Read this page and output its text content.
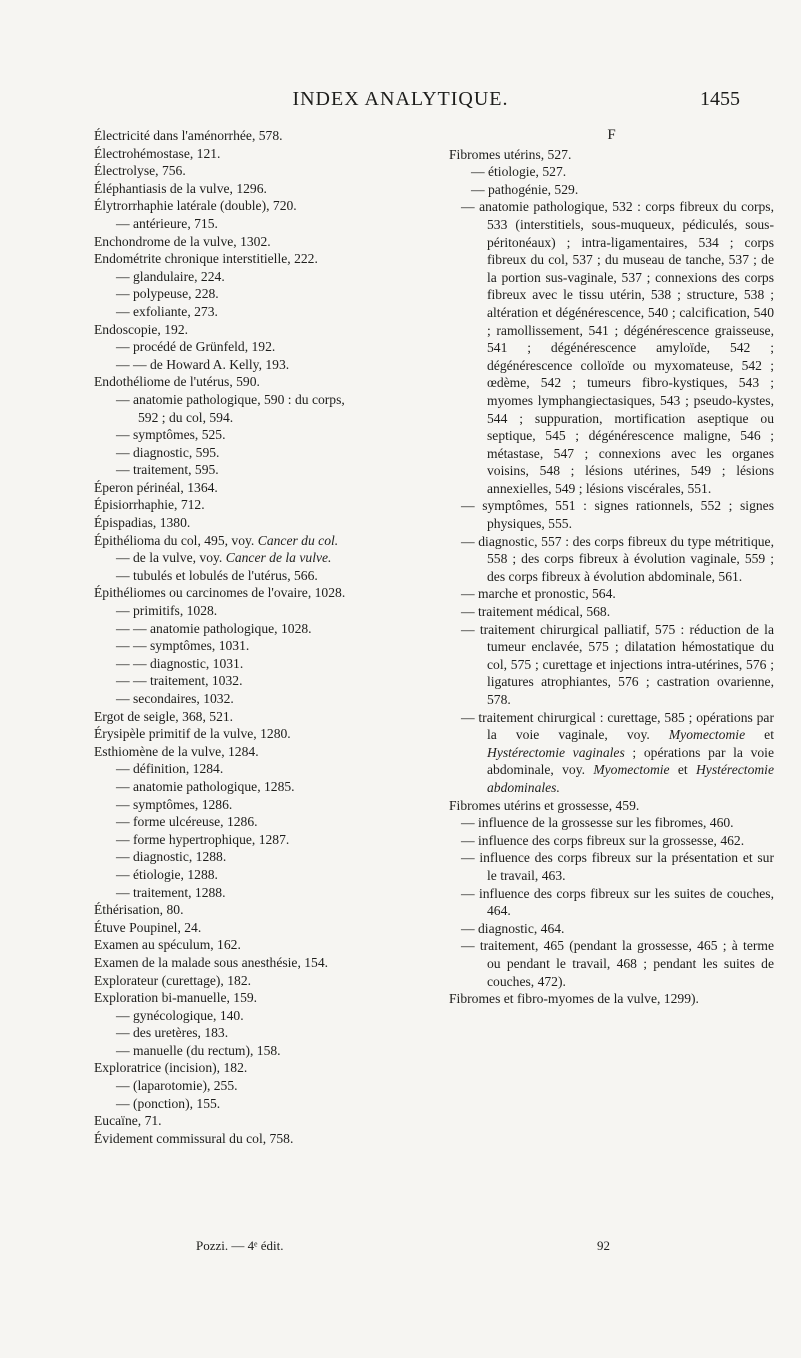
INDEX ANALYTIQUE.	1455
Électricité dans l'aménorrhée, 578.
Électrohémostase, 121.
Électrolyse, 756.
Éléphantiasis de la vulve, 1296.
Élytrorrhaphie latérale (double), 720.
— antérieure, 715.
Enchondrome de la vulve, 1302.
Endométrite chronique interstitielle, 222.
— glandulaire, 224.
— polypeuse, 228.
— exfoliante, 273.
Endoscopie, 192.
— procédé de Grünfeld, 192.
— — de Howard A. Kelly, 193.
Endothéliome de l'utérus, 590.
— anatomie pathologique, 590 : du corps,
592 ; du col, 594.
— symptômes, 525.
— diagnostic, 595.
— traitement, 595.
Éperon périnéal, 1364.
Épisiorrhaphie, 712.
Épispadias, 1380.
Épithélioma du col, 495, voy. Cancer du col.
— de la vulve, voy. Cancer de la vulve.
— tubulés et lobulés de l'utérus, 566.
Épithéliomes ou carcinomes de l'ovaire, 1028.
— primitifs, 1028.
— — anatomie pathologique, 1028.
— — symptômes, 1031.
— — diagnostic, 1031.
— — traitement, 1032.
— secondaires, 1032.
Ergot de seigle, 368, 521.
Érysipèle primitif de la vulve, 1280.
Esthiomène de la vulve, 1284.
— définition, 1284.
— anatomie pathologique, 1285.
— symptômes, 1286.
— forme ulcéreuse, 1286.
— forme hypertrophique, 1287.
— diagnostic, 1288.
— étiologie, 1288.
— traitement, 1288.
Éthérisation, 80.
Étuve Poupinel, 24.
Examen au spéculum, 162.
Examen de la malade sous anesthésie, 154.
Explorateur (curettage), 182.
Exploration bi-manuelle, 159.
— gynécologique, 140.
— des uretères, 183.
— manuelle (du rectum), 158.
Exploratrice (incision), 182.
— (laparotomie), 255.
— (ponction), 155.
Eucaïne, 71.
Évidement commissural du col, 758.
F
Fibromes utérins, 527.
— étiologie, 527.
— pathogénie, 529.
— anatomie pathologique, 532 : corps fibreux du corps, 533 (interstitiels, sous-muqueux, pédiculés, sous-péritonéaux) ; intra-ligamentaires, 534 ; corps fibreux du col, 537 ; du museau de tanche, 537 ; de la portion sus-vaginale, 537 ; connexions des corps fibreux avec le tissu utérin, 538 ; structure, 538 ; altération et dégénérescence, 540 ; calcification, 540 ; ramollissement, 541 ; dégénérescence graisseuse, 541 ; dégénérescence amyloïde, 542 ; dégénérescence colloïde ou myxomateuse, 542 ; œdème, 542 ; tumeurs fibro-kystiques, 543 ; myomes lymphangiectasiques, 543 ; pseudo-kystes, 544 ; suppuration, mortification aseptique ou septique, 545 ; dégénérescence maligne, 546 ; métastase, 547 ; connexions avec les organes voisins, 548 ; lésions utérines, 549 ; lésions annexielles, 549 ; lésions viscérales, 551.
— symptômes, 551 : signes rationnels, 552 ; signes physiques, 555.
— diagnostic, 557 : des corps fibreux du type métritique, 558 ; des corps fibreux à évolution vaginale, 559 ; des corps fibreux à évolution abdominale, 561.
— marche et pronostic, 564.
— traitement médical, 568.
— traitement chirurgical palliatif, 575 : réduction de la tumeur enclavée, 575 ; dilatation hémostatique du col, 575 ; curettage et injections intra-utérines, 576 ; ligatures atrophiantes, 576 ; castration ovarienne, 578.
— traitement chirurgical : curettage, 585 ; opérations par la voie vaginale, voy. Myomectomie et Hystérectomie vaginales ; opérations par la voie abdominale, voy. Myomectomie et Hystérectomie abdominales.
Fibromes utérins et grossesse, 459.
— influence de la grossesse sur les fibromes, 460.
— influence des corps fibreux sur la grossesse, 462.
— influence des corps fibreux sur la présentation et sur le travail, 463.
— influence des corps fibreux sur les suites de couches, 464.
— diagnostic, 464.
— traitement, 465 (pendant la grossesse, 465 ; à terme ou pendant le travail, 468 ; pendant les suites de couches, 472).
Fibromes et fibro-myomes de la vulve, 1299).
Pozzi. — 4ᵉ édit.	92
